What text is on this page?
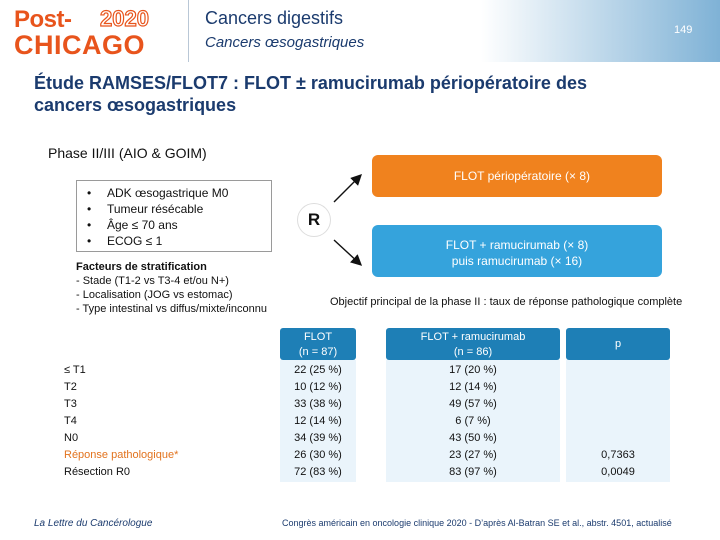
Post- 2020
CHICAGO
Cancers digestifs
Cancers œsogastriques
149
Étude RAMSES/FLOT7 : FLOT ± ramucirumab périopératoire des cancers œsogastriques
Phase II/III (AIO & GOIM)
• ADK œsogastrique M0
• Tumeur résécable
• Âge ≤ 70 ans
• ECOG ≤ 1
Facteurs de stratification
- Stade (T1-2 vs T3-4 et/ou N+)
- Localisation (JOG vs estomac)
- Type intestinal vs diffus/mixte/inconnu
R
FLOT périopératoire (× 8)
FLOT + ramucirumab (× 8)
puis ramucirumab (× 16)
Objectif principal de la phase II : taux de réponse pathologique complète
FLOT
(n = 87)
FLOT + ramucirumab
(n = 86)
p
≤ T1
T2
T3
T4
N0
Réponse pathologique*
Résection R0
22 (25 %)
10 (12 %)
33 (38 %)
12 (14 %)
34 (39 %)
26 (30 %)
72 (83 %)
17 (20 %)
12 (14 %)
49 (57 %)
6 (7 %)
43 (50 %)
23 (27 %)
83 (97 %)
0,7363
0,0049
La Lettre du Cancérologue	Congrès américain en oncologie clinique 2020 - D’après Al-Batran SE et al., abstr. 4501, actualisé
